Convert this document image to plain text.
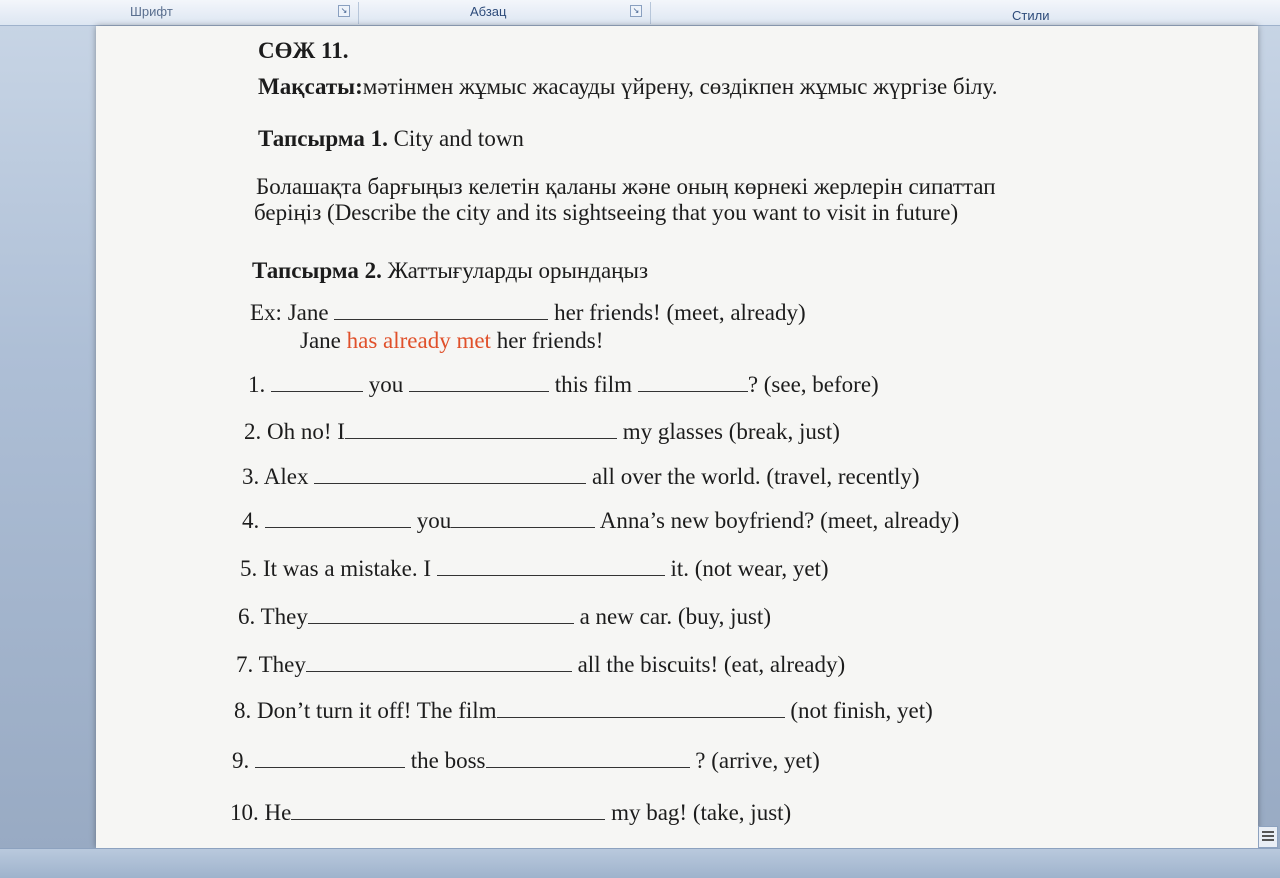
Шрифт	↘	Абзац	↘	Стили
СӨЖ 11.
Мақсаты:мәтінмен жұмыс жасауды үйрену, сөздікпен жұмыс жүргізе білу.
Тапсырма 1. City and town
Болашақта барғыңыз келетін қаланы және оның көрнекі жерлерін сипаттап
беріңіз (Describe the city and its sightseeing that you want to visit in future)
Тапсырма 2. Жаттығуларды орындаңыз
Ex: Jane	her friends! (meet, already)
Jane has already met her friends!
1.	you	this film	? (see, before)
2. Oh no! I	my glasses (break, just)
3. Alex	all over the world. (travel, recently)
4.	you	Anna’s new boyfriend? (meet, already)
5. It was a mistake. I	it. (not wear, yet)
6. They	a new car. (buy, just)
7. They	all the biscuits! (eat, already)
8. Don’t turn it off! The film	(not finish, yet)
9.	the boss	? (arrive, yet)
10. He	my bag! (take, just)
